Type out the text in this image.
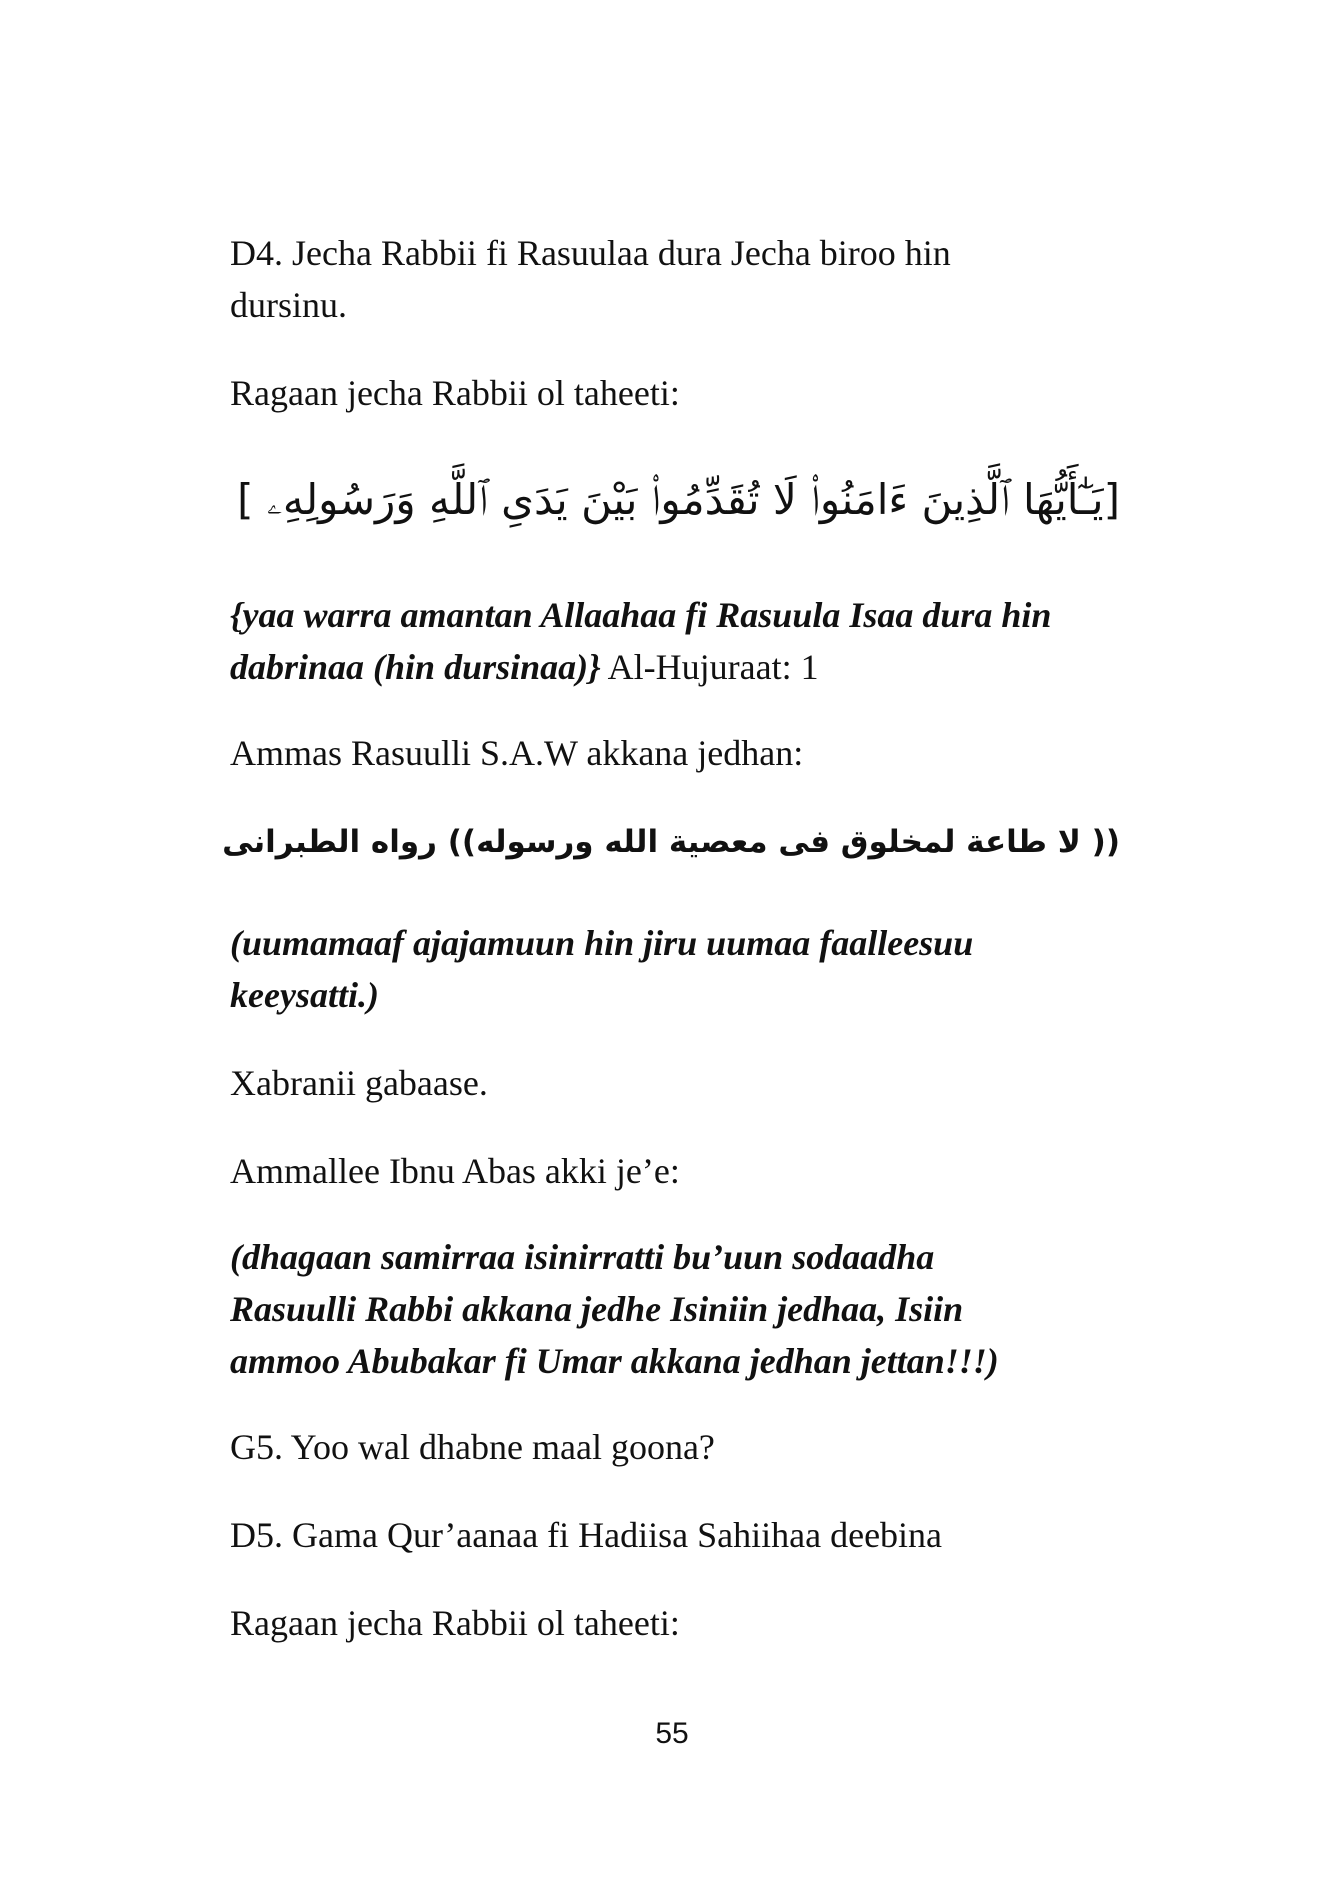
D4. Jecha Rabbii fi Rasuulaa dura Jecha biroo hin

dursinu.

Ragaan jecha Rabbii ol taheeti:

[يَـٰٓأَيُّهَا ٱلَّذِينَ ءَامَنُوا۟ لَا تُقَدِّمُوا۟ بَيْنَ يَدَىِ ٱللَّهِ وَرَسُولِهِۦ ]

{yaa warra amantan Allaahaa fi Rasuula Isaa dura hin

dabrinaa (hin dursinaa)} Al-Hujuraat: 1

Ammas Rasuulli S.A.W akkana jedhan:

(( لا طاعة لمخلوق فى معصية الله ورسوله)) رواه الطبرانى

(uumamaaf ajajamuun hin jiru uumaa faalleesuu

keeysatti.)

Xabranii gabaase.

Ammallee Ibnu Abas akki je’e:

(dhagaan samirraa isinirratti bu’uun sodaadha

Rasuulli Rabbi akkana jedhe Isiniin jedhaa, Isiin

ammoo Abubakar fi Umar akkana jedhan jettan!!!)

G5. Yoo wal dhabne maal goona?

D5. Gama Qur’aanaa fi Hadiisa Sahiihaa deebina

Ragaan jecha Rabbii ol taheeti:

55
